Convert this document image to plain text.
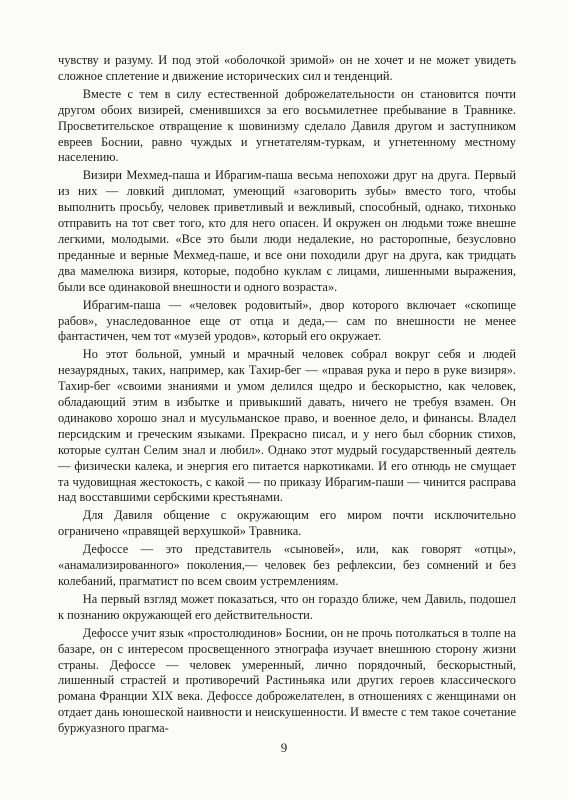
чувству и разуму. И под этой «оболочкой зримой» он не хочет и не может увидеть сложное сплетение и движение исторических сил и тенденций.

Вместе с тем в силу естественной доброжелательности он становится почти другом обоих визирей, сменившихся за его восьмилетнее пребывание в Травнике. Просветительское отвращение к шовинизму сделало Давиля другом и заступником евреев Боснии, равно чуждых и угнетателям-туркам, и угнетенному местному населению.

Визири Мехмед-паша и Ибрагим-паша весьма непохожи друг на друга. Первый из них — ловкий дипломат, умеющий «заговорить зубы» вместо того, чтобы выполнить просьбу, человек приветливый и вежливый, способный, однако, тихонько отправить на тот свет того, кто для него опасен. И окружен он людьми тоже внешне легкими, молодыми. «Все это были люди недалекие, но расторопные, безусловно преданные и верные Мехмед-паше, и все они походили друг на друга, как тридцать два мамелюка визиря, которые, подобно куклам с лицами, лишенными выражения, были все одинаковой внешности и одного возраста».

Ибрагим-паша — «человек родовитый», двор которого включает «скопище рабов», унаследованное еще от отца и деда,— сам по внешности не менее фантастичен, чем тот «музей уродов», который его окружает.

Но этот больной, умный и мрачный человек собрал вокруг себя и людей незаурядных, таких, например, как Тахир-бег — «правая рука и перо в руке визиря». Тахир-бег «своими знаниями и умом делился щедро и бескорыстно, как человек, обладающий этим в избытке и привыкший давать, ничего не требуя взамен. Он одинаково хорошо знал и мусульманское право, и военное дело, и финансы. Владел персидским и греческим языками. Прекрасно писал, и у него был сборник стихов, которые султан Селим знал и любил». Однако этот мудрый государственный деятель — физически калека, и энергия его питается наркотиками. И его отнюдь не смущает та чудовищная жестокость, с какой — по приказу Ибрагим-паши — чинится расправа над восставшими сербскими крестьянами.

Для Давиля общение с окружающим его миром почти исключительно ограничено «правящей верхушкой» Травника.

Дефоссе — это представитель «сыновей», или, как говорят «отцы», «анамализированного» поколения,— человек без рефлексии, без сомнений и без колебаний, прагматист по всем своим устремлениям.

На первый взгляд может показаться, что он гораздо ближе, чем Давиль, подошел к познанию окружающей его действительности.

Дефоссе учит язык «простолюдинов» Боснии, он не прочь потолкаться в толпе на базаре, он с интересом просвещенного этнографа изучает внешнюю сторону жизни страны. Дефоссе — человек умеренный, лично порядочный, бескорыстный, лишенный страстей и противоречий Растиньяка или других героев классического романа Франции XIX века. Дефоссе доброжелателен, в отношениях с женщинами он отдает дань юношеской наивности и неискушенности. И вместе с тем такое сочетание буржуазного прагма-

9
